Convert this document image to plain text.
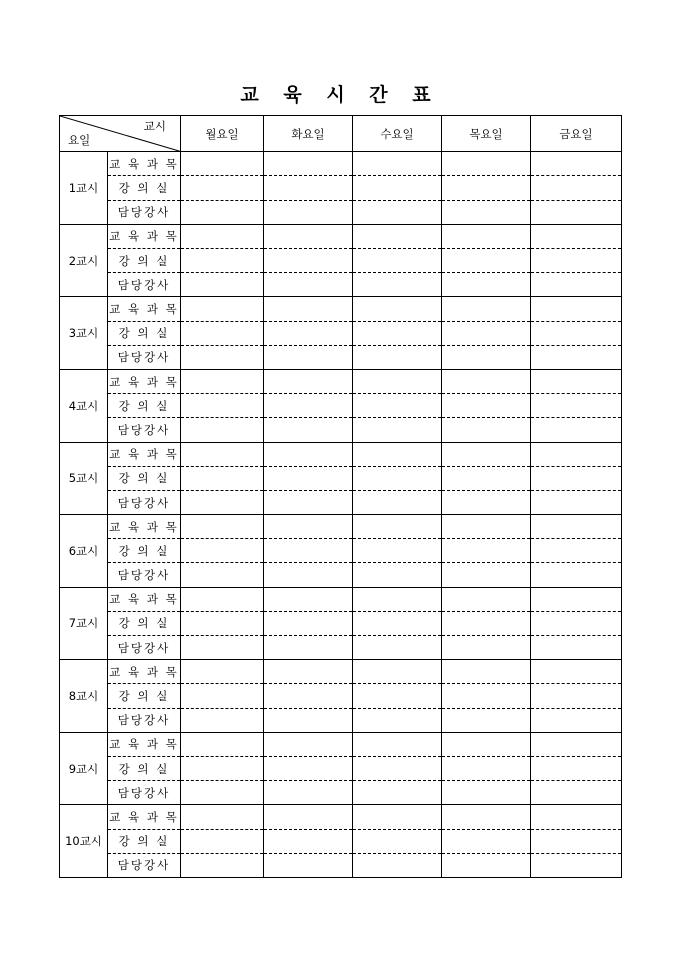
교 육 시 간 표
교시
요일		월요일	화요일	수요일	목요일	금요일
1교시	교 육 과 목					
	강 의 실					
	담당강사					
2교시	교 육 과 목					
	강 의 실					
	담당강사					
3교시	교 육 과 목					
	강 의 실					
	담당강사					
4교시	교 육 과 목					
	강 의 실					
	담당강사					
5교시	교 육 과 목					
	강 의 실					
	담당강사					
6교시	교 육 과 목					
	강 의 실					
	담당강사					
7교시	교 육 과 목					
	강 의 실					
	담당강사					
8교시	교 육 과 목					
	강 의 실					
	담당강사					
9교시	교 육 과 목					
	강 의 실					
	담당강사					
10교시	교 육 과 목					
	강 의 실					
	담당강사					
